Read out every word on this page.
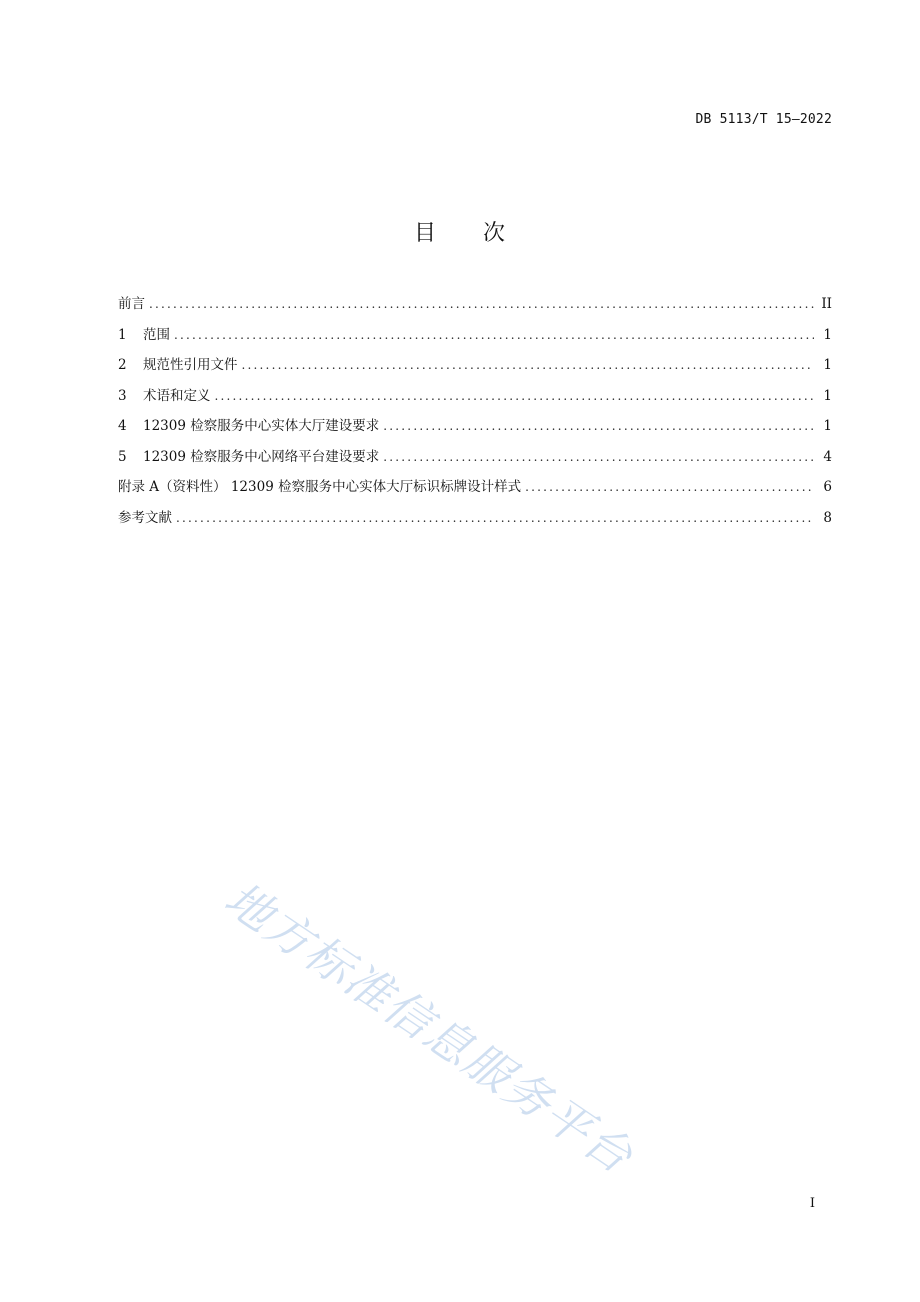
DB 5113/T 15—2022
目 次
前言 .....	II
1	范围 .....	1
2	规范性引用文件 .....	1
3	术语和定义 .....	1
4	12309 检察服务中心实体大厅建设要求 .....	1
5	12309 检察服务中心网络平台建设要求 .....	4
附录 A（资料性） 12309 检察服务中心实体大厅标识标牌设计样式 .....	6
参考文献 .....	8
地方标准信息服务平台
I
